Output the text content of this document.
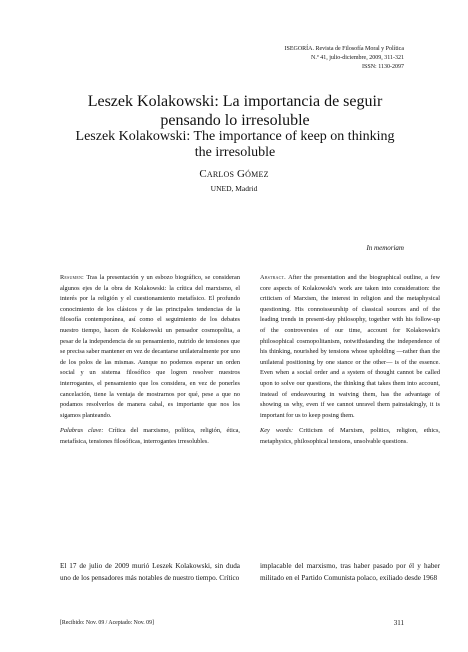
ISEGORÍA. Revista de Filosofía Moral y Política
N.º 41, julio-diciembre, 2009, 311-321
ISSN: 1130-2097
Leszek Kolakowski: La importancia de seguir
pensando lo irresoluble
Leszek Kolakowski: The importance of keep on thinking
the irresoluble
Carlos Gómez
UNED, Madrid
In memoriam

Resumen: Tras la presentación y un esbozo biográfico, se consideran algunos ejes de la obra de Kolakowski: la crítica del marxismo, el interés por la religión y el cuestionamiento metafísico. El profundo conocimiento de los clásicos y de las principales tendencias de la filosofía contemporánea, así como el seguimiento de los debates nuestro tiempo, hacen de Kolakowski un pensador cosmopolita, a pesar de la independencia de su pensamiento, nutrido de tensiones que se precisa saber mantener en vez de decantarse unilateralmente por uno de los polos de las mismas. Aunque no podemos esperar un orden social y un sistema filosófico que logren resolver nuestros interrogantes, el pensamiento que los considera, en vez de ponerles cancelación, tiene la ventaja de mostrarnos por qué, pese a que no podamos resolverlos de manera cabal, es importante que nos los sigamos planteando.

Palabras clave: Crítica del marxismo, política, religión, ética, metafísica, tensiones filosóficas, interrogantes irresolubles.

Abstract. After the presentation and the biographical outline, a few core aspects of Kolakowski's work are taken into consideration: the criticism of Marxism, the interest in religion and the metaphysical questioning. His connoisseurship of classical sources and of the leading trends in present-day philosophy, together with his follow-up of the controversies of our time, account for Kolakowski's philosophical cosmopolitanism, notwithstanding the independence of his thinking, nourished by tensions whose upholding —rather than the unilateral positioning by one stance or the other— is of the essence. Even when a social order and a system of thought cannot be called upon to solve our questions, the thinking that takes them into account, instead of endeavouring in waiving them, has the advantage of showing us why, even if we cannot unravel them painstakingly, it is important for us to keep posing them.

Key words: Criticism of Marxism, politics, religion, ethics, metaphysics, philosophical tensions, unsolvable questions.

El 17 de julio de 2009 murió Leszek Kolakowski, sin duda uno de los pensadores más notables de nuestro tiempo. Crítico
implacable del marxismo, tras haber pasado por él y haber militado en el Partido Comunista polaco, exiliado desde 1968
[Recibido: Nov. 09 / Aceptado: Nov. 09]	311
